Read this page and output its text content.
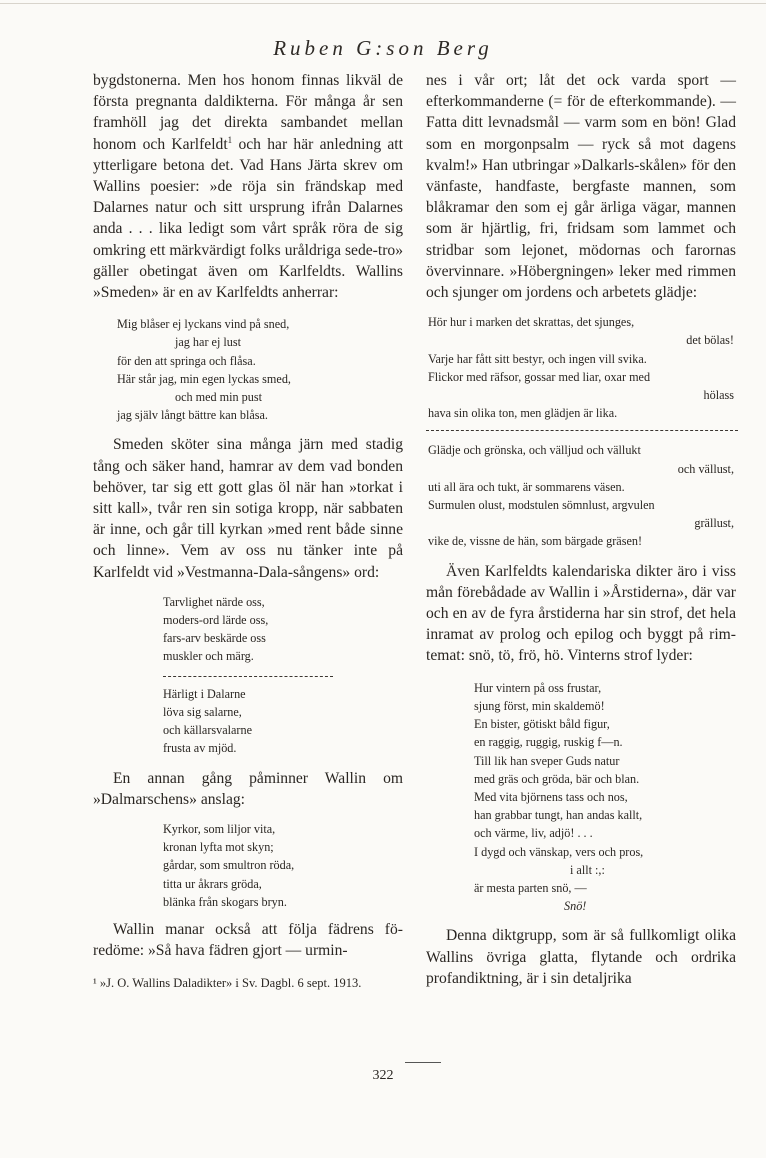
Ruben G:son Berg

bygdstonerna. Men hos honom finnas likväl de första pregnanta daldikterna. För många år sen framhöll jag det direkta sambandet mellan honom och Karlfeldt$^1$ och har här anledning att ytterligare betona det. Vad Hans Järta skrev om Wallins poesier: »de röja sin frändskap med Dalarnes natur och sitt ursprung ifrån Dalarnes anda . . . lika ledigt som vårt språk röra de sig omkring ett märkvärdigt folks uråldriga sede-tro» gäller obetingat även om Karlfeldts. Wallins »Smeden» är en av Karlfeldts anherrar:

Mig blåser ej lyckans vind på sned,
jag har ej lust
för den att springa och flåsa.
Här står jag, min egen lyckas smed,
och med min pust
jag själv långt bättre kan blåsa.

Smeden sköter sina många järn med stadig tång och säker hand, hamrar av dem vad bonden behöver, tar sig ett gott glas öl när han »torkat i sitt kall», tvår ren sin sotiga kropp, när sabbaten är inne, och går till kyrkan »med rent både sinne och linne». Vem av oss nu tänker inte på Karlfeldt vid »Vestmanna-Dala-sångens» ord:

Tarvlighet närde oss,
moders-ord lärde oss,
fars-arv beskärde oss
muskler och märg.
Härligt i Dalarne
löva sig salarne,
och källarsvalarne
frusta av mjöd.

En annan gång påminner Wallin om »Dalmarschens» anslag:

Kyrkor, som liljor vita,
kronan lyfta mot skyn;
gårdar, som smultron röda,
titta ur åkrars gröda,
blänka från skogars bryn.

Wallin manar också att följa fädrens föredöme: »Så hava fädren gjort — urmin-

¹ »J. O. Wallins Daladikter» i Sv. Dagbl. 6 sept. 1913.

nes i vår ort; låt det ock varda sport — efterkommanderne (= för de efterkommande). — Fatta ditt levnadsmål — varm som en bön! Glad som en morgonpsalm — ryck så mot dagens kvalm!» Han utbringar »Dalkarls-skålen» för den vänfaste, handfaste, bergfaste mannen, som blåkramar den som ej går ärliga vägar, mannen som är hjärtlig, fri, fridsam som lammet och stridbar som lejonet, mödornas och farornas övervinnare. »Höbergningen» leker med rimmen och sjunger om jordens och arbetets glädje:

Hör hur i marken det skrattas, det sjunges,
det bölas!
Varje har fått sitt bestyr, och ingen vill svika.
Flickor med räfsor, gossar med liar, oxar med
hölass
hava sin olika ton, men glädjen är lika.
Glädje och grönska, och välljud och vällukt
och vällust,
uti all ära och tukt, är sommarens väsen.
Surmulen olust, modstulen sömnlust, argvulen
grällust,
vike de, vissne de hän, som bärgade gräsen!

Även Karlfeldts kalendariska dikter äro i viss mån förebådade av Wallin i »Årstiderna», där var och en av de fyra årstiderna har sin strof, det hela inramat av prolog och epilog och byggt på rim-temat: snö, tö, frö, hö. Vinterns strof lyder:

Hur vintern på oss frustar,
sjung först, min skaldemö!
En bister, götiskt båld figur,
en raggig, ruggig, ruskig f—n.
Till lik han sveper Guds natur
med gräs och gröda, bär och blan.
Med vita björnens tass och nos,
han grabbar tungt, han andas kallt,
och värme, liv, adjö! . . .
I dygd och vänskap, vers och pros,
i allt :,:
är mesta parten snö, —
Snö!

Denna diktgrupp, som är så fullkomligt olika Wallins övriga glatta, flytande och ordrika profandiktning, är i sin detaljrika

322
